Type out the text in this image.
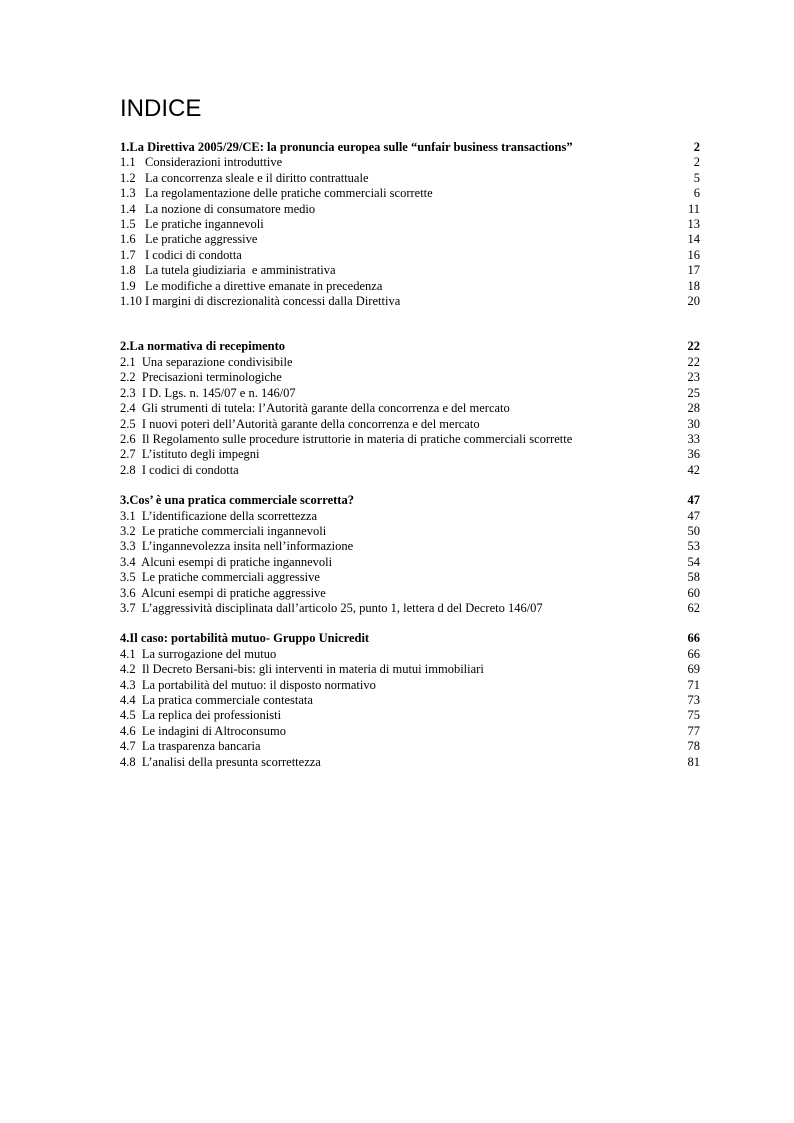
INDICE
1.La Direttiva 2005/29/CE: la pronuncia europea sulle “unfair business transactions”	2
1.1   Considerazioni introduttive	2
1.2   La concorrenza sleale e il diritto contrattuale	5
1.3   La regolamentazione delle pratiche commerciali scorrette	6
1.4   La nozione di consumatore medio	11
1.5   Le pratiche ingannevoli	13
1.6   Le pratiche aggressive	14
1.7   I codici di condotta	16
1.8   La tutela giudiziaria  e amministrativa	17
1.9   Le modifiche a direttive emanate in precedenza	18
1.10 I margini di discrezionalità concessi dalla Direttiva	20
2.La normativa di recepimento	22
2.1  Una separazione condivisibile	22
2.2  Precisazioni terminologiche	23
2.3  I D. Lgs. n. 145/07 e n. 146/07	25
2.4  Gli strumenti di tutela: l’Autorità garante della concorrenza e del mercato	28
2.5  I nuovi poteri dell’Autorità garante della concorrenza e del mercato	30
2.6  Il Regolamento sulle procedure istruttorie in materia di pratiche commerciali scorrette	33
2.7  L’istituto degli impegni	36
2.8  I codici di condotta	42
3.Cos’ è una pratica commerciale scorretta?	47
3.1  L’identificazione della scorrettezza	47
3.2  Le pratiche commerciali ingannevoli	50
3.3  L’ingannevolezza insita nell’informazione	53
3.4  Alcuni esempi di pratiche ingannevoli	54
3.5  Le pratiche commerciali aggressive	58
3.6  Alcuni esempi di pratiche aggressive	60
3.7  L’aggressività disciplinata dall’articolo 25, punto 1, lettera d del Decreto 146/07	62
4.Il caso: portabilità mutuo- Gruppo Unicredit	66
4.1  La surrogazione del mutuo	66
4.2  Il Decreto Bersani-bis: gli interventi in materia di mutui immobiliari	69
4.3  La portabilità del mutuo: il disposto normativo	71
4.4  La pratica commerciale contestata	73
4.5  La replica dei professionisti	75
4.6  Le indagini di Altroconsumo	77
4.7  La trasparenza bancaria	78
4.8  L’analisi della presunta scorrettezza	81
